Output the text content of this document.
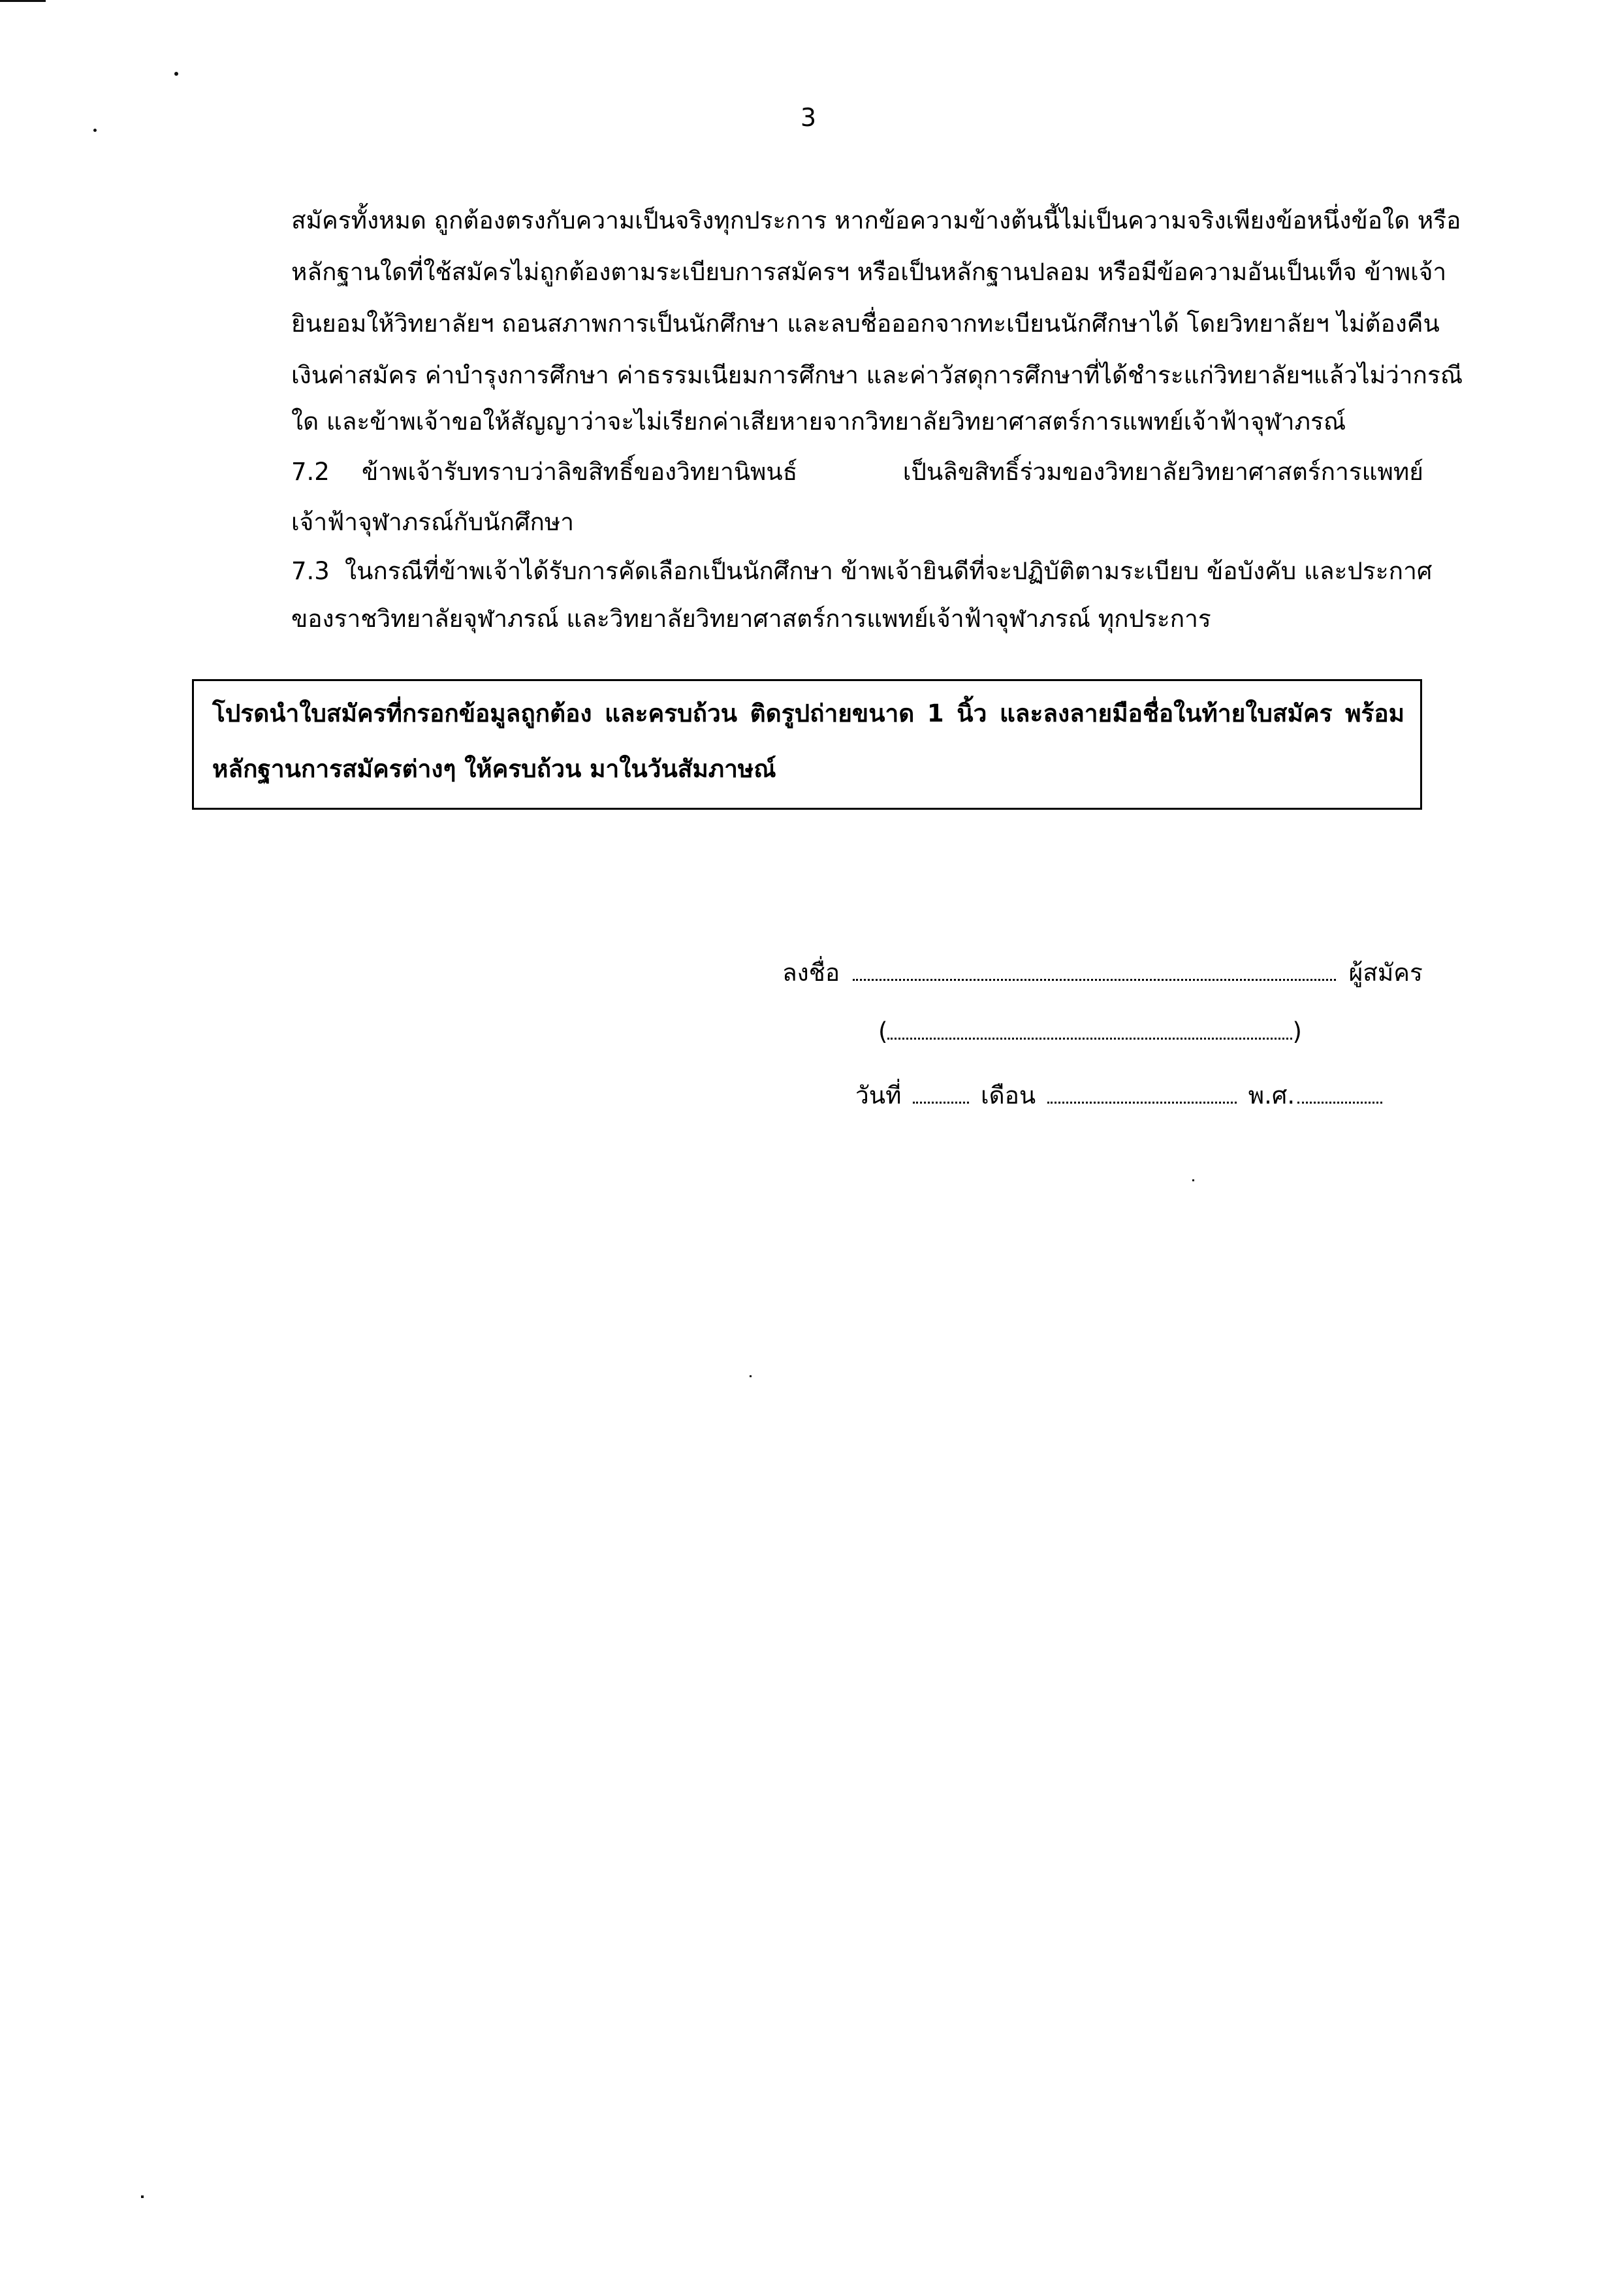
3
สมัครทั้งหมด ถูกต้องตรงกับความเป็นจริงทุกประการ หากข้อความข้างต้นนี้ไม่เป็นความจริงเพียงข้อหนึ่งข้อใด หรือ
หลักฐานใดที่ใช้สมัครไม่ถูกต้องตามระเบียบการสมัครฯ หรือเป็นหลักฐานปลอม หรือมีข้อความอันเป็นเท็จ ข้าพเจ้า
ยินยอมให้วิทยาลัยฯ ถอนสภาพการเป็นนักศึกษา และลบชื่อออกจากทะเบียนนักศึกษาได้ โดยวิทยาลัยฯ ไม่ต้องคืน
เงินค่าสมัคร ค่าบำรุงการศึกษา ค่าธรรมเนียมการศึกษา และค่าวัสดุการศึกษาที่ได้ชำระแก่วิทยาลัยฯแล้วไม่ว่ากรณี
ใด และข้าพเจ้าขอให้สัญญาว่าจะไม่เรียกค่าเสียหายจากวิทยาลัยวิทยาศาสตร์การแพทย์เจ้าฟ้าจุฬาภรณ์
7.2 ข้าพเจ้ารับทราบว่าลิขสิทธิ์ของวิทยานิพนธ์ เป็นลิขสิทธิ์ร่วมของวิทยาลัยวิทยาศาสตร์การแพทย์
เจ้าฟ้าจุฬาภรณ์กับนักศึกษา
7.3 ในกรณีที่ข้าพเจ้าได้รับการคัดเลือกเป็นนักศึกษา ข้าพเจ้ายินดีที่จะปฏิบัติตามระเบียบ ข้อบังคับ และประกาศ
ของราชวิทยาลัยจุฬาภรณ์ และวิทยาลัยวิทยาศาสตร์การแพทย์เจ้าฟ้าจุฬาภรณ์ ทุกประการ
โปรดนำใบสมัครที่กรอกข้อมูลถูกต้อง และครบถ้วน ติดรูปถ่ายขนาด 1 นิ้ว และลงลายมือชื่อในท้ายใบสมัคร พร้อม
หลักฐานการสมัครต่างๆ ให้ครบถ้วน มาในวันสัมภาษณ์
ลงชื่อ	ผู้สมัคร
(	)
วันที่	เดือน	พ.ศ.
